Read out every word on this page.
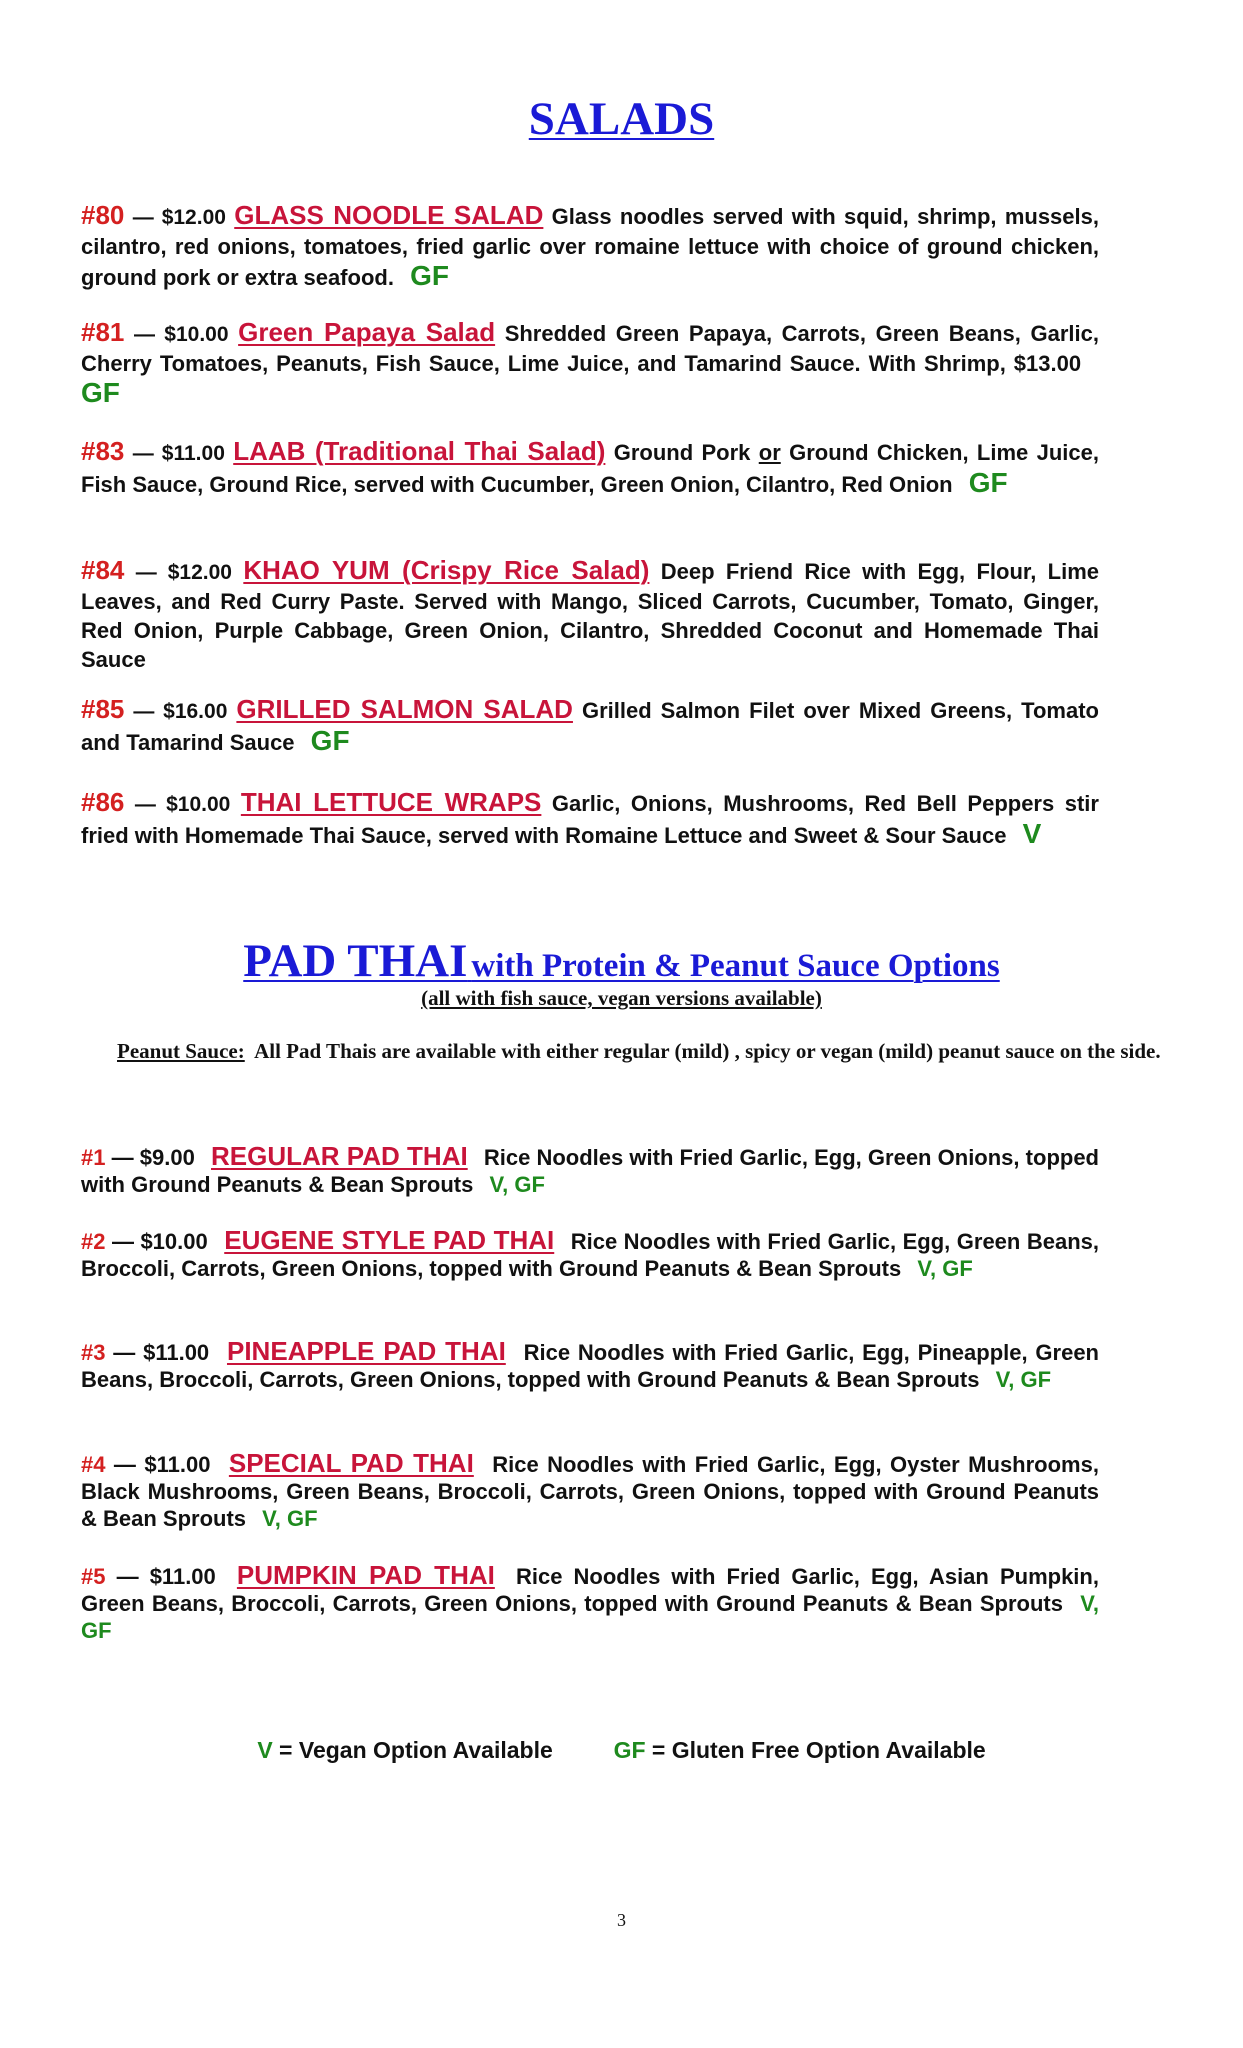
SALADS
#80 — $12.00 GLASS NOODLE SALAD Glass noodles served with squid, shrimp, mussels, cilantro, red onions, tomatoes, fried garlic over romaine lettuce with choice of ground chicken, ground pork or extra seafood. GF
#81 — $10.00 Green Papaya Salad Shredded Green Papaya, Carrots, Green Beans, Garlic, Cherry Tomatoes, Peanuts, Fish Sauce, Lime Juice, and Tamarind Sauce. With Shrimp, $13.00 GF
#83 — $11.00 LAAB (Traditional Thai Salad) Ground Pork or Ground Chicken, Lime Juice, Fish Sauce, Ground Rice, served with Cucumber, Green Onion, Cilantro, Red Onion GF
#84 — $12.00 KHAO YUM (Crispy Rice Salad) Deep Friend Rice with Egg, Flour, Lime Leaves, and Red Curry Paste. Served with Mango, Sliced Carrots, Cucumber, Tomato, Ginger, Red Onion, Purple Cabbage, Green Onion, Cilantro, Shredded Coconut and Homemade Thai Sauce
#85 — $16.00 GRILLED SALMON SALAD Grilled Salmon Filet over Mixed Greens, Tomato and Tamarind Sauce GF
#86 — $10.00 THAI LETTUCE WRAPS Garlic, Onions, Mushrooms, Red Bell Peppers stir fried with Homemade Thai Sauce, served with Romaine Lettuce and Sweet & Sour Sauce V
PAD THAI with Protein & Peanut Sauce Options
(all with fish sauce, vegan versions available)
Peanut Sauce: All Pad Thais are available with either regular (mild) , spicy or vegan (mild) peanut sauce on the side.
#1 — $9.00 REGULAR PAD THAI Rice Noodles with Fried Garlic, Egg, Green Onions, topped with Ground Peanuts & Bean Sprouts V, GF
#2 — $10.00 EUGENE STYLE PAD THAI Rice Noodles with Fried Garlic, Egg, Green Beans, Broccoli, Carrots, Green Onions, topped with Ground Peanuts & Bean Sprouts V, GF
#3 — $11.00 PINEAPPLE PAD THAI Rice Noodles with Fried Garlic, Egg, Pineapple, Green Beans, Broccoli, Carrots, Green Onions, topped with Ground Peanuts & Bean Sprouts V, GF
#4 — $11.00 SPECIAL PAD THAI Rice Noodles with Fried Garlic, Egg, Oyster Mushrooms, Black Mushrooms, Green Beans, Broccoli, Carrots, Green Onions, topped with Ground Peanuts & Bean Sprouts V, GF
#5 — $11.00 PUMPKIN PAD THAI Rice Noodles with Fried Garlic, Egg, Asian Pumpkin, Green Beans, Broccoli, Carrots, Green Onions, topped with Ground Peanuts & Bean Sprouts V, GF
V = Vegan Option Available	GF = Gluten Free Option Available
3
